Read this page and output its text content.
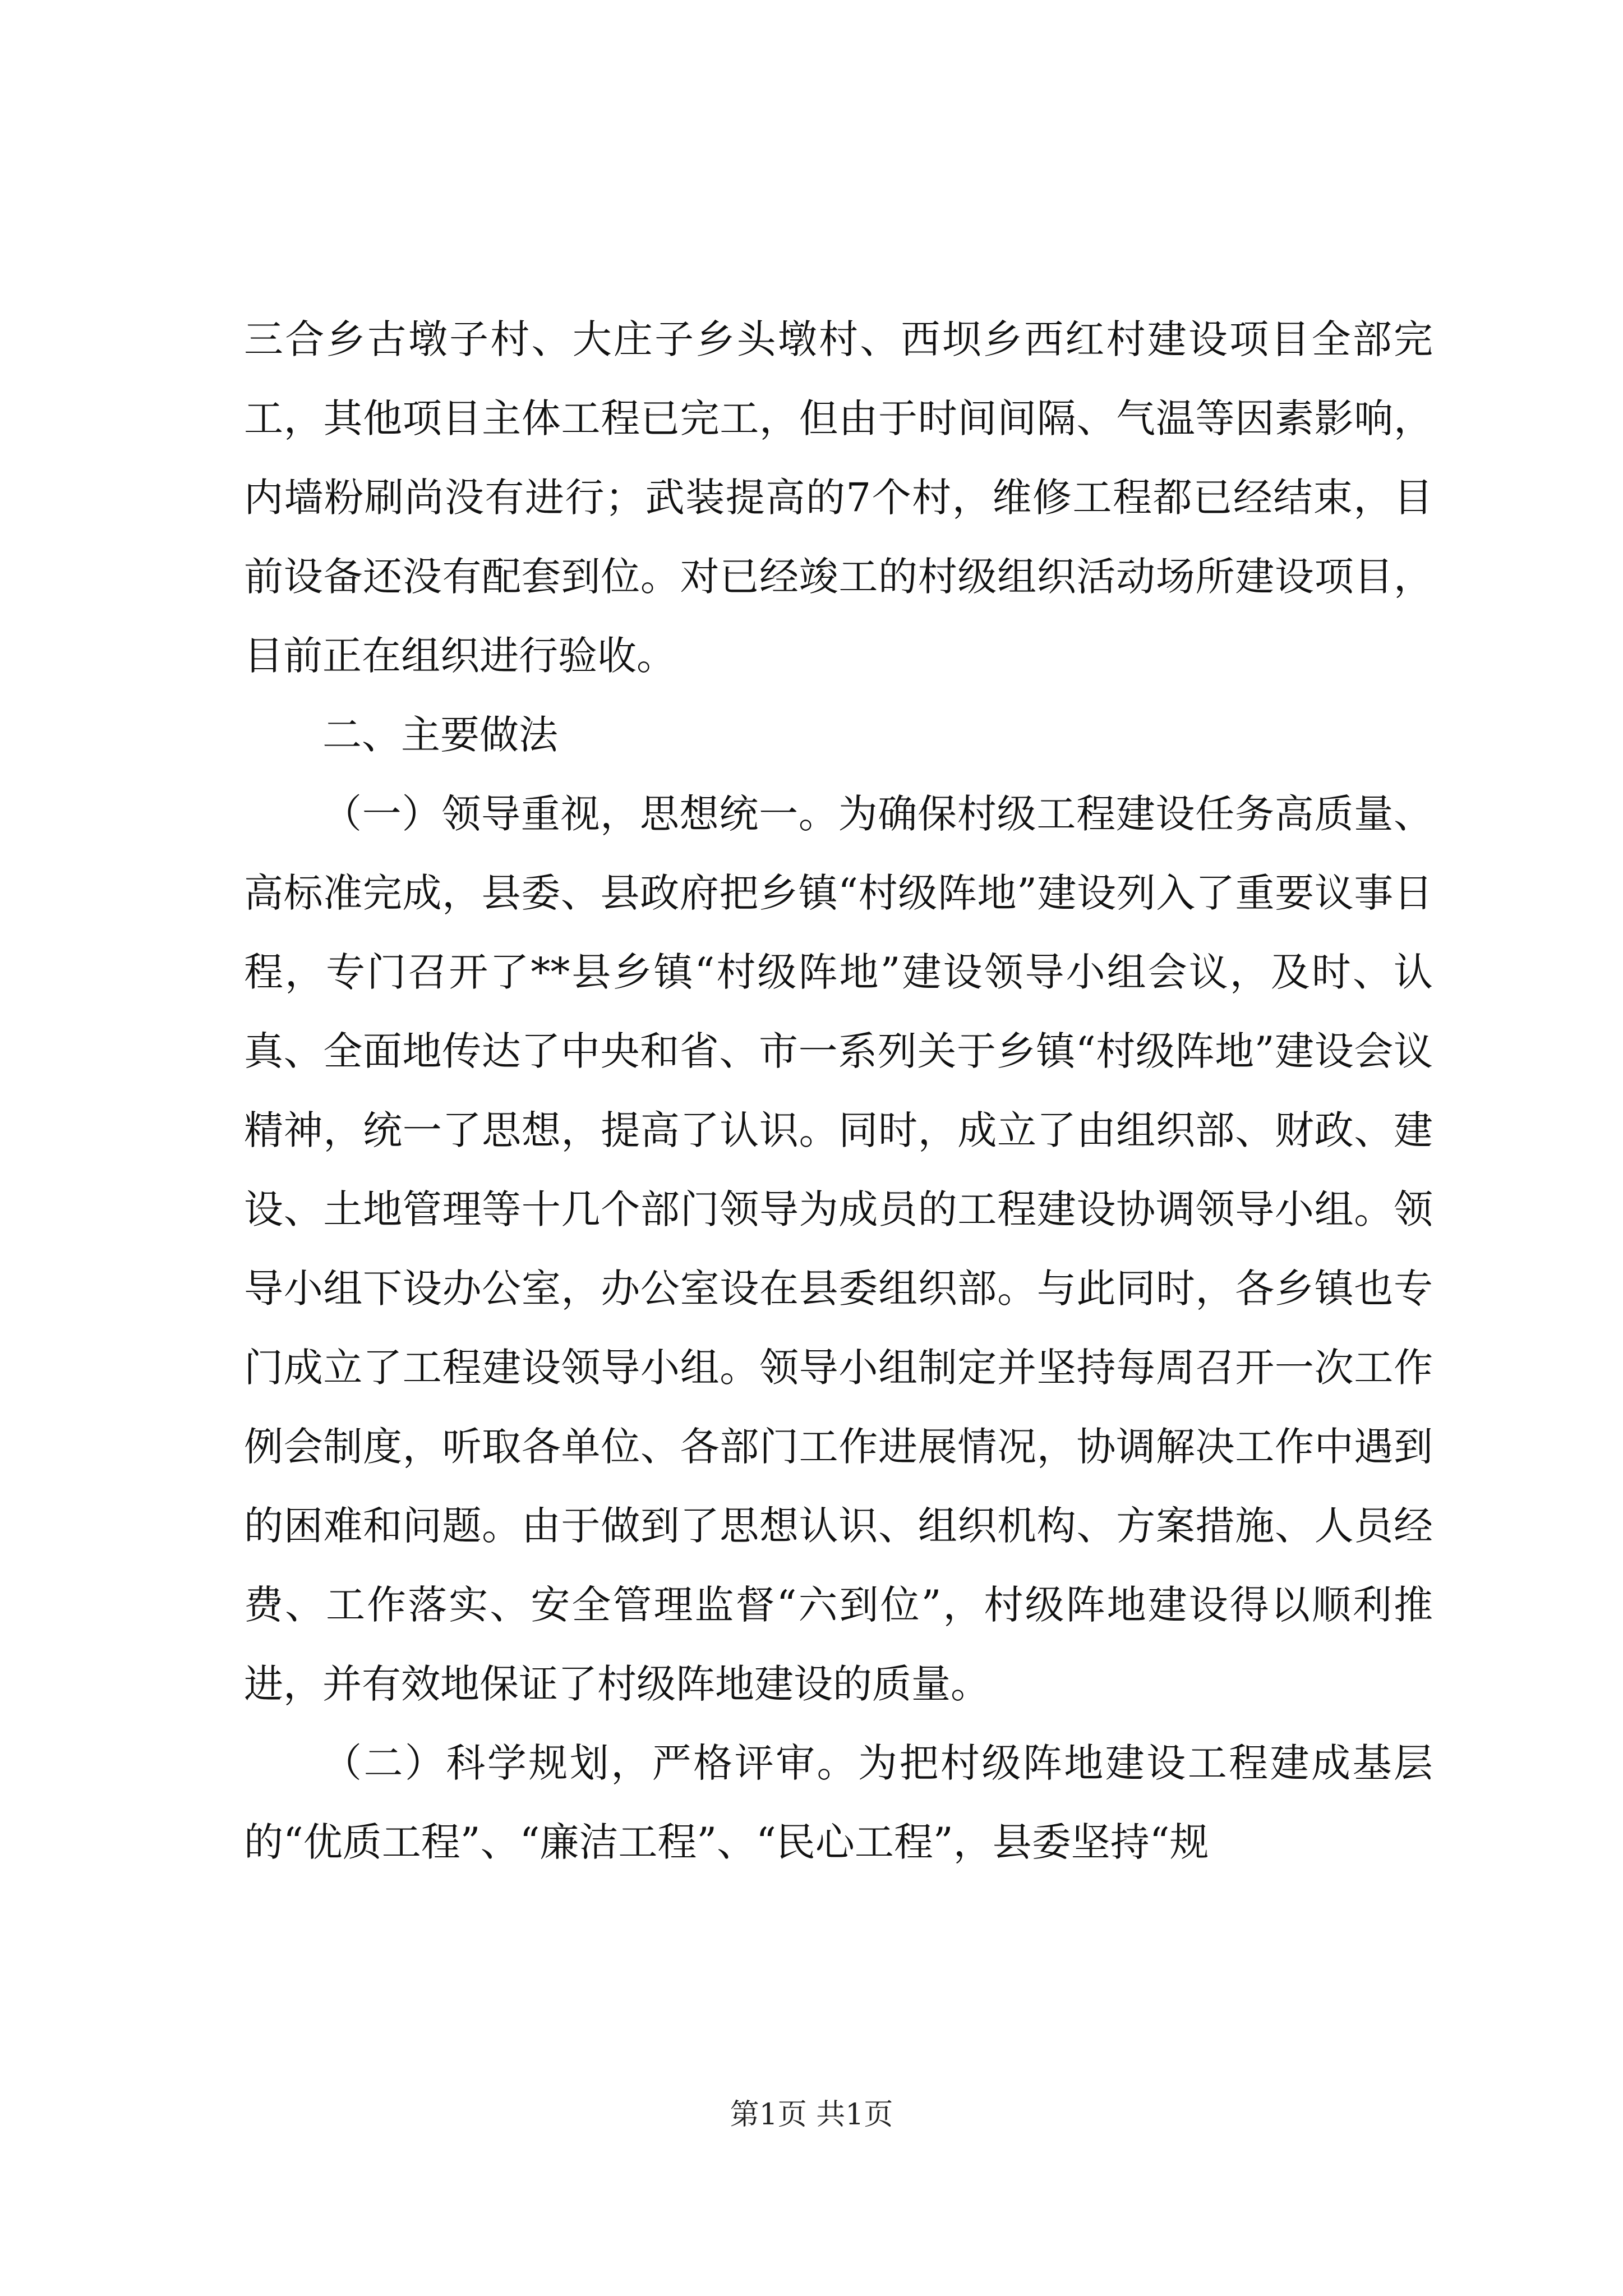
三合乡古墩子村、大庄子乡头墩村、西坝乡西红村建设项目全部完工，其他项目主体工程已完工，但由于时间间隔、气温等因素影响，内墙粉刷尚没有进行；武装提高的7个村，维修工程都已经结束，目前设备还没有配套到位。对已经竣工的村级组织活动场所建设项目，目前正在组织进行验收。

二、主要做法

（一）领导重视，思想统一。为确保村级工程建设任务高质量、高标准完成，县委、县政府把乡镇“村级阵地”建设列入了重要议事日程，专门召开了**县乡镇“村级阵地”建设领导小组会议，及时、认真、全面地传达了中央和省、市一系列关于乡镇“村级阵地”建设会议精神，统一了思想，提高了认识。同时，成立了由组织部、财政、建设、土地管理等十几个部门领导为成员的工程建设协调领导小组。领导小组下设办公室，办公室设在县委组织部。与此同时，各乡镇也专门成立了工程建设领导小组。领导小组制定并坚持每周召开一次工作例会制度，听取各单位、各部门工作进展情况，协调解决工作中遇到的困难和问题。由于做到了思想认识、组织机构、方案措施、人员经费、工作落实、安全管理监督“六到位”，村级阵地建设得以顺利推进，并有效地保证了村级阵地建设的质量。

（二）科学规划，严格评审。为把村级阵地建设工程建成基层的“优质工程”、“廉洁工程”、“民心工程”，县委坚持“规

第1页 共1页
